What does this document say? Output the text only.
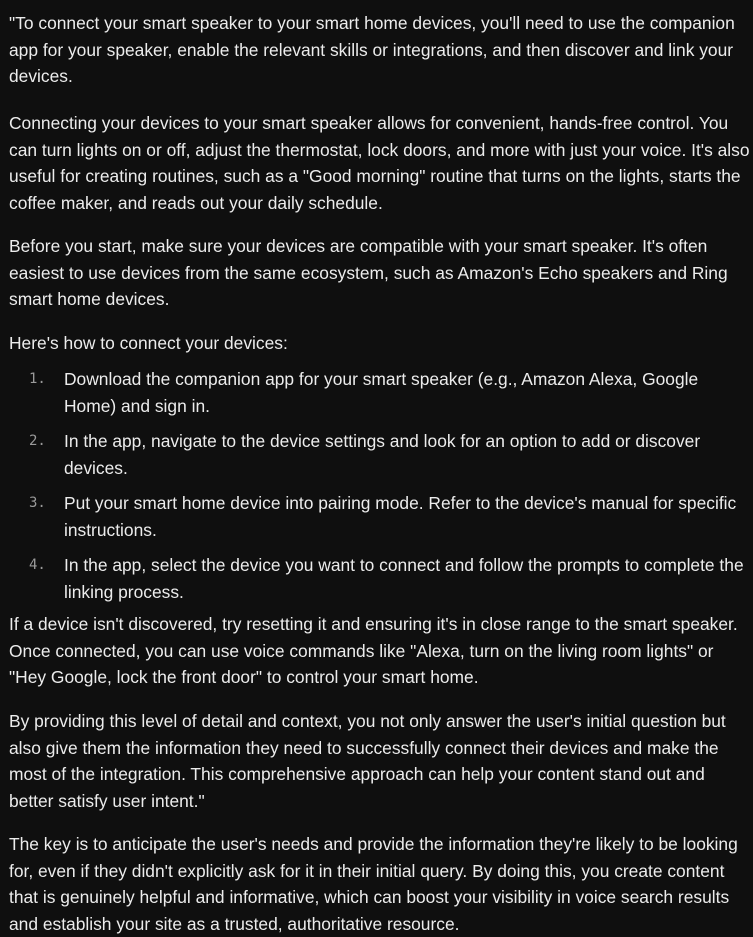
"To connect your smart speaker to your smart home devices, you'll need to use the companion app for your speaker, enable the relevant skills or integrations, and then discover and link your devices.

Connecting your devices to your smart speaker allows for convenient, hands-free control. You can turn lights on or off, adjust the thermostat, lock doors, and more with just your voice. It's also useful for creating routines, such as a "Good morning" routine that turns on the lights, starts the coffee maker, and reads out your daily schedule.

Before you start, make sure your devices are compatible with your smart speaker. It's often easiest to use devices from the same ecosystem, such as Amazon's Echo speakers and Ring smart home devices.

Here's how to connect your devices:

1. Download the companion app for your smart speaker (e.g., Amazon Alexa, Google Home) and sign in.
2. In the app, navigate to the device settings and look for an option to add or discover devices.
3. Put your smart home device into pairing mode. Refer to the device's manual for specific instructions.
4. In the app, select the device you want to connect and follow the prompts to complete the linking process.

If a device isn't discovered, try resetting it and ensuring it's in close range to the smart speaker. Once connected, you can use voice commands like "Alexa, turn on the living room lights" or "Hey Google, lock the front door" to control your smart home.

By providing this level of detail and context, you not only answer the user's initial question but also give them the information they need to successfully connect their devices and make the most of the integration. This comprehensive approach can help your content stand out and better satisfy user intent."

The key is to anticipate the user's needs and provide the information they're likely to be looking for, even if they didn't explicitly ask for it in their initial query. By doing this, you create content that is genuinely helpful and informative, which can boost your visibility in voice search results and establish your site as a trusted, authoritative resource.
